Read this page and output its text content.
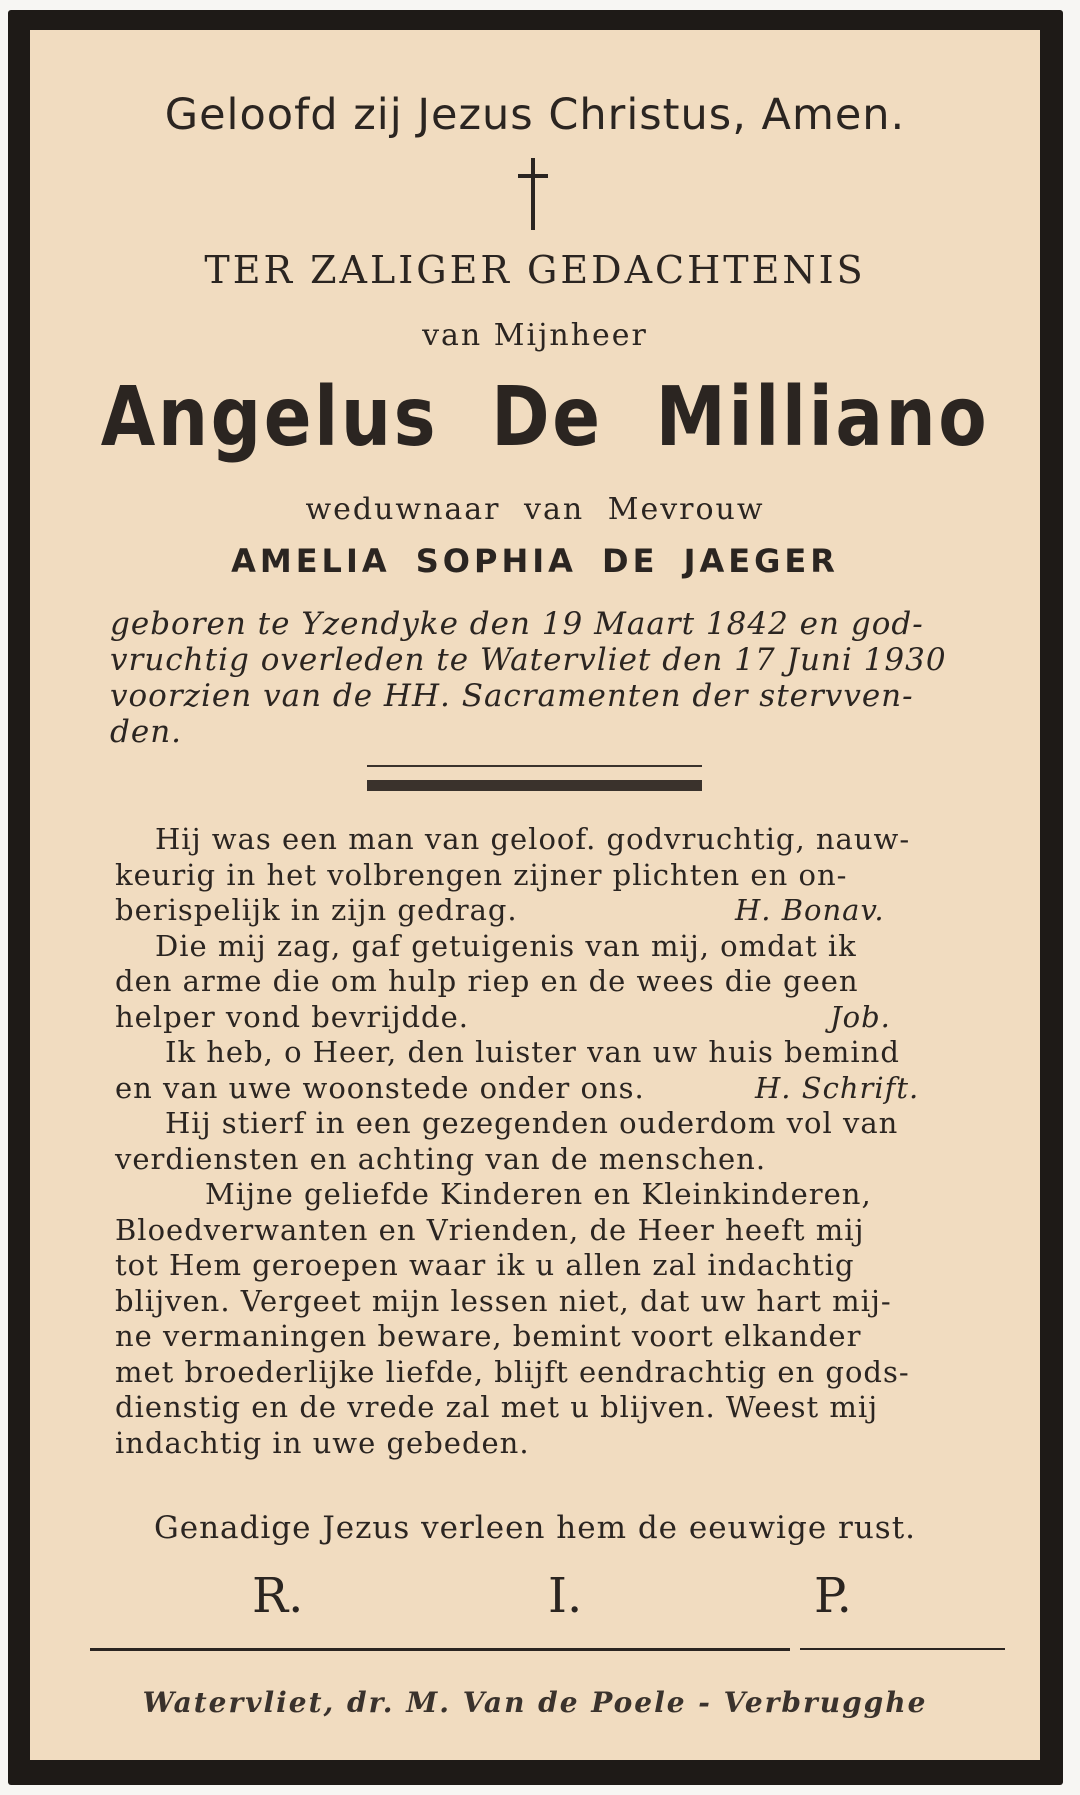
Geloofd zij Jezus Christus, Amen.
TER ZALIGER GEDACHTENIS
van Mijnheer
Angelus De Milliano
weduwnaar van Mevrouw
AMELIA SOPHIA DE JAEGER
geboren te Yzendyke den 19 Maart 1842 en god-
vruchtig overleden te Watervliet den 17 Juni 1930
voorzien van de HH. Sacramenten der stervven-
den.
Hij was een man van geloof. godvruchtig, nauw-
keurig in het volbrengen zijner plichten en on-
berispelijk in zijn gedrag.	H. Bonav.
Die mij zag, gaf getuigenis van mij, omdat ik
den arme die om hulp riep en de wees die geen
helper vond bevrijdde.	Job.
Ik heb, o Heer, den luister van uw huis bemind
en van uwe woonstede onder ons.	H. Schrift.
Hij stierf in een gezegenden ouderdom vol van
verdiensten en achting van de menschen.
Mijne geliefde Kinderen en Kleinkinderen,
Bloedverwanten en Vrienden, de Heer heeft mij
tot Hem geroepen waar ik u allen zal indachtig
blijven. Vergeet mijn lessen niet, dat uw hart mij-
ne vermaningen beware, bemint voort elkander
met broederlijke liefde, blijft eendrachtig en gods-
dienstig en de vrede zal met u blijven. Weest mij
indachtig in uwe gebeden.
Genadige Jezus verleen hem de eeuwige rust.
R.	I.	P.
Watervliet, dr. M. Van de Poele - Verbrugghe
